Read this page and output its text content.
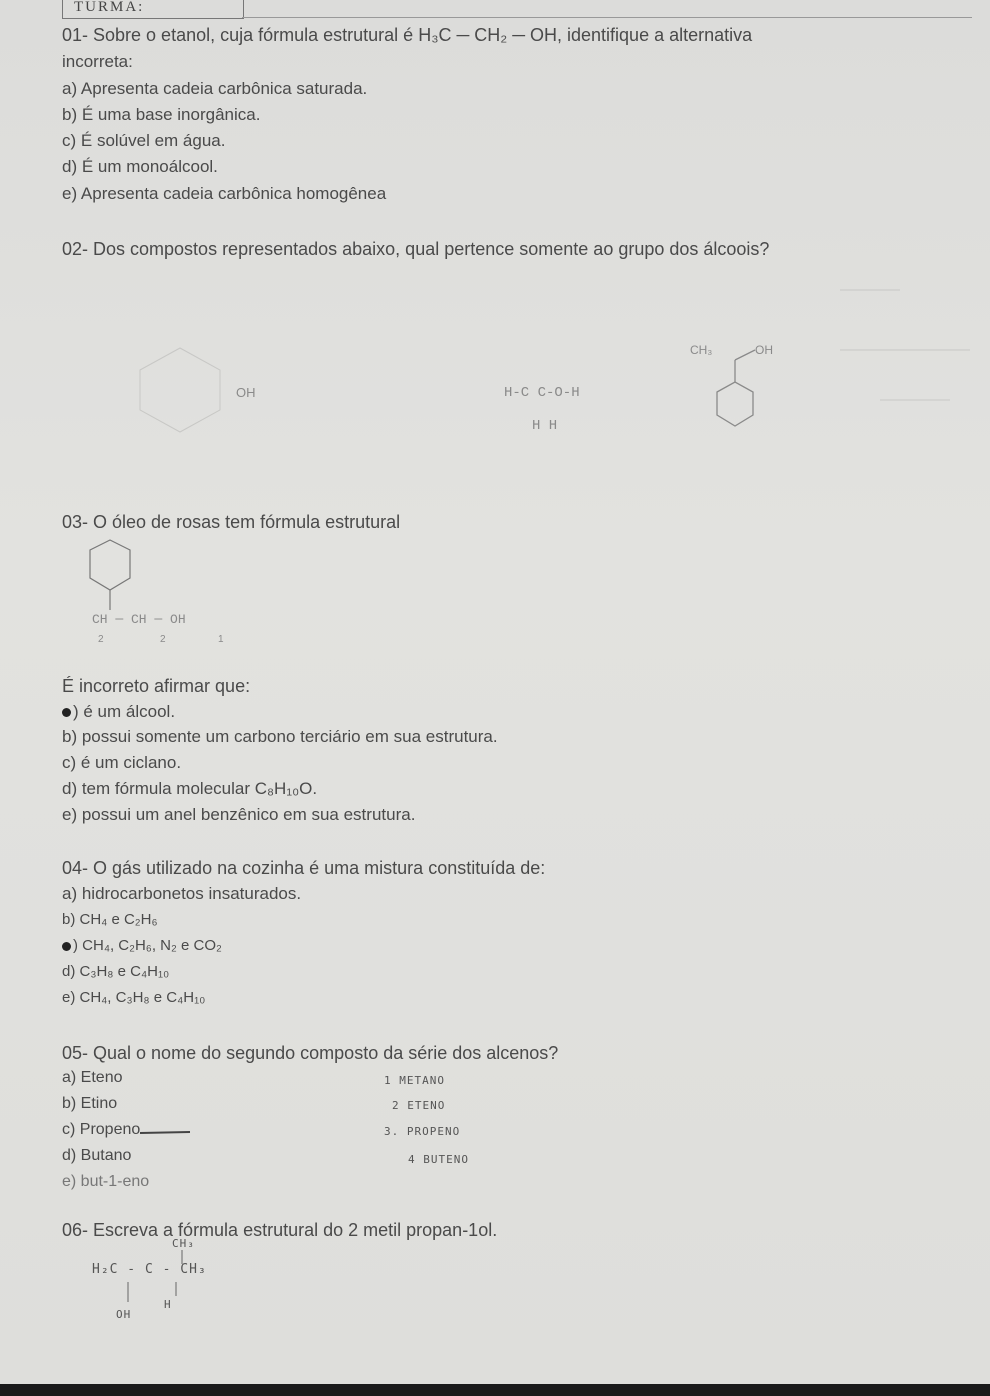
TURMA:
01- Sobre o etanol, cuja fórmula estrutural é H₃C ─ CH₂ ─ OH, identifique a alternativa
incorreta:
a) Apresenta cadeia carbônica saturada.
b) É uma base inorgânica.
c) É solúvel em água.
d) É um monoálcool.
e) Apresenta cadeia carbônica homogênea
02- Dos compostos representados abaixo, qual pertence somente ao grupo dos álcoois?
OH	H-C C-O-H
H H
CH₃	OH
03- O óleo de rosas tem fórmula estrutural
CH ─ CH ─ OH
2	2	1
É incorreto afirmar que:
) é um álcool.
b) possui somente um carbono terciário em sua estrutura.
c) é um ciclano.
d) tem fórmula molecular C₈H₁₀O.
e) possui um anel benzênico em sua estrutura.
04- O gás utilizado na cozinha é uma mistura constituída de:
a) hidrocarbonetos insaturados.
b) CH₄ e C₂H₆
) CH₄, C₂H₆, N₂ e CO₂
d) C₃H₈ e C₄H₁₀
e) CH₄, C₃H₈ e C₄H₁₀
05- Qual o nome do segundo composto da série dos alcenos?
a) Eteno
b) Etino
c) Propeno
d) Butano
e) but-1-eno
1 METANO
2 ETENO
3. PROPENO
4 BUTENO
06- Escreva a fórmula estrutural do 2 metil propan-1ol.
CH₃
H₂C - C - CH₃
OH
H
